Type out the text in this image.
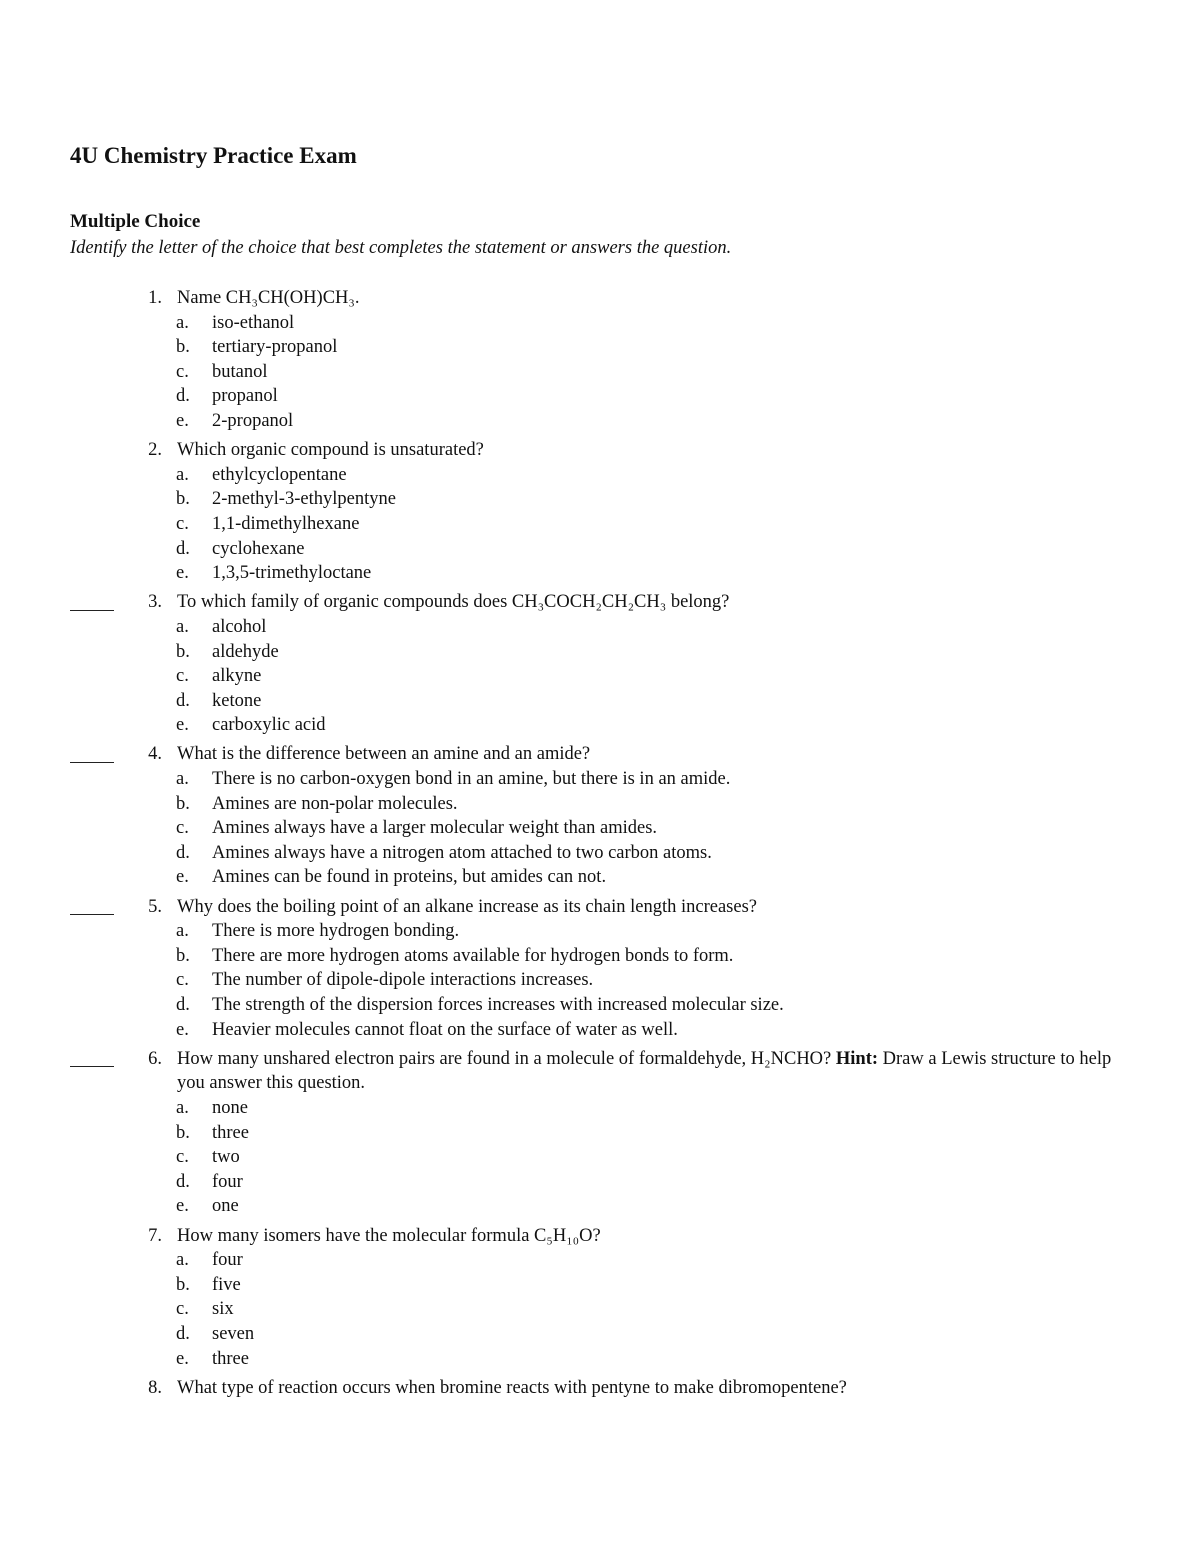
4U Chemistry Practice Exam
Multiple Choice

Identify the letter of the choice that best completes the statement or answers the question.

1. Name CH₃CH(OH)CH₃.
a. iso-ethanol
b. tertiary-propanol
c. butanol
d. propanol
e. 2-propanol
2. Which organic compound is unsaturated?
a. ethylcyclopentane
b. 2-methyl-3-ethylpentyne
c. 1,1-dimethylhexane
d. cyclohexane
e. 1,3,5-trimethyloctane
3. To which family of organic compounds does CH₃COCH₂CH₂CH₃ belong?
a. alcohol
b. aldehyde
c. alkyne
d. ketone
e. carboxylic acid
4. What is the difference between an amine and an amide?
a. There is no carbon-oxygen bond in an amine, but there is in an amide.
b. Amines are non-polar molecules.
c. Amines always have a larger molecular weight than amides.
d. Amines always have a nitrogen atom attached to two carbon atoms.
e. Amines can be found in proteins, but amides can not.
5. Why does the boiling point of an alkane increase as its chain length increases?
a. There is more hydrogen bonding.
b. There are more hydrogen atoms available for hydrogen bonds to form.
c. The number of dipole-dipole interactions increases.
d. The strength of the dispersion forces increases with increased molecular size.
e. Heavier molecules cannot float on the surface of water as well.
6. How many unshared electron pairs are found in a molecule of formaldehyde, H₂NCHO? Hint: Draw a Lewis structure to help you answer this question.
a. none
b. three
c. two
d. four
e. one
7. How many isomers have the molecular formula C₅H₁₀O?
a. four
b. five
c. six
d. seven
e. three
8. What type of reaction occurs when bromine reacts with pentyne to make dibromopentene?
